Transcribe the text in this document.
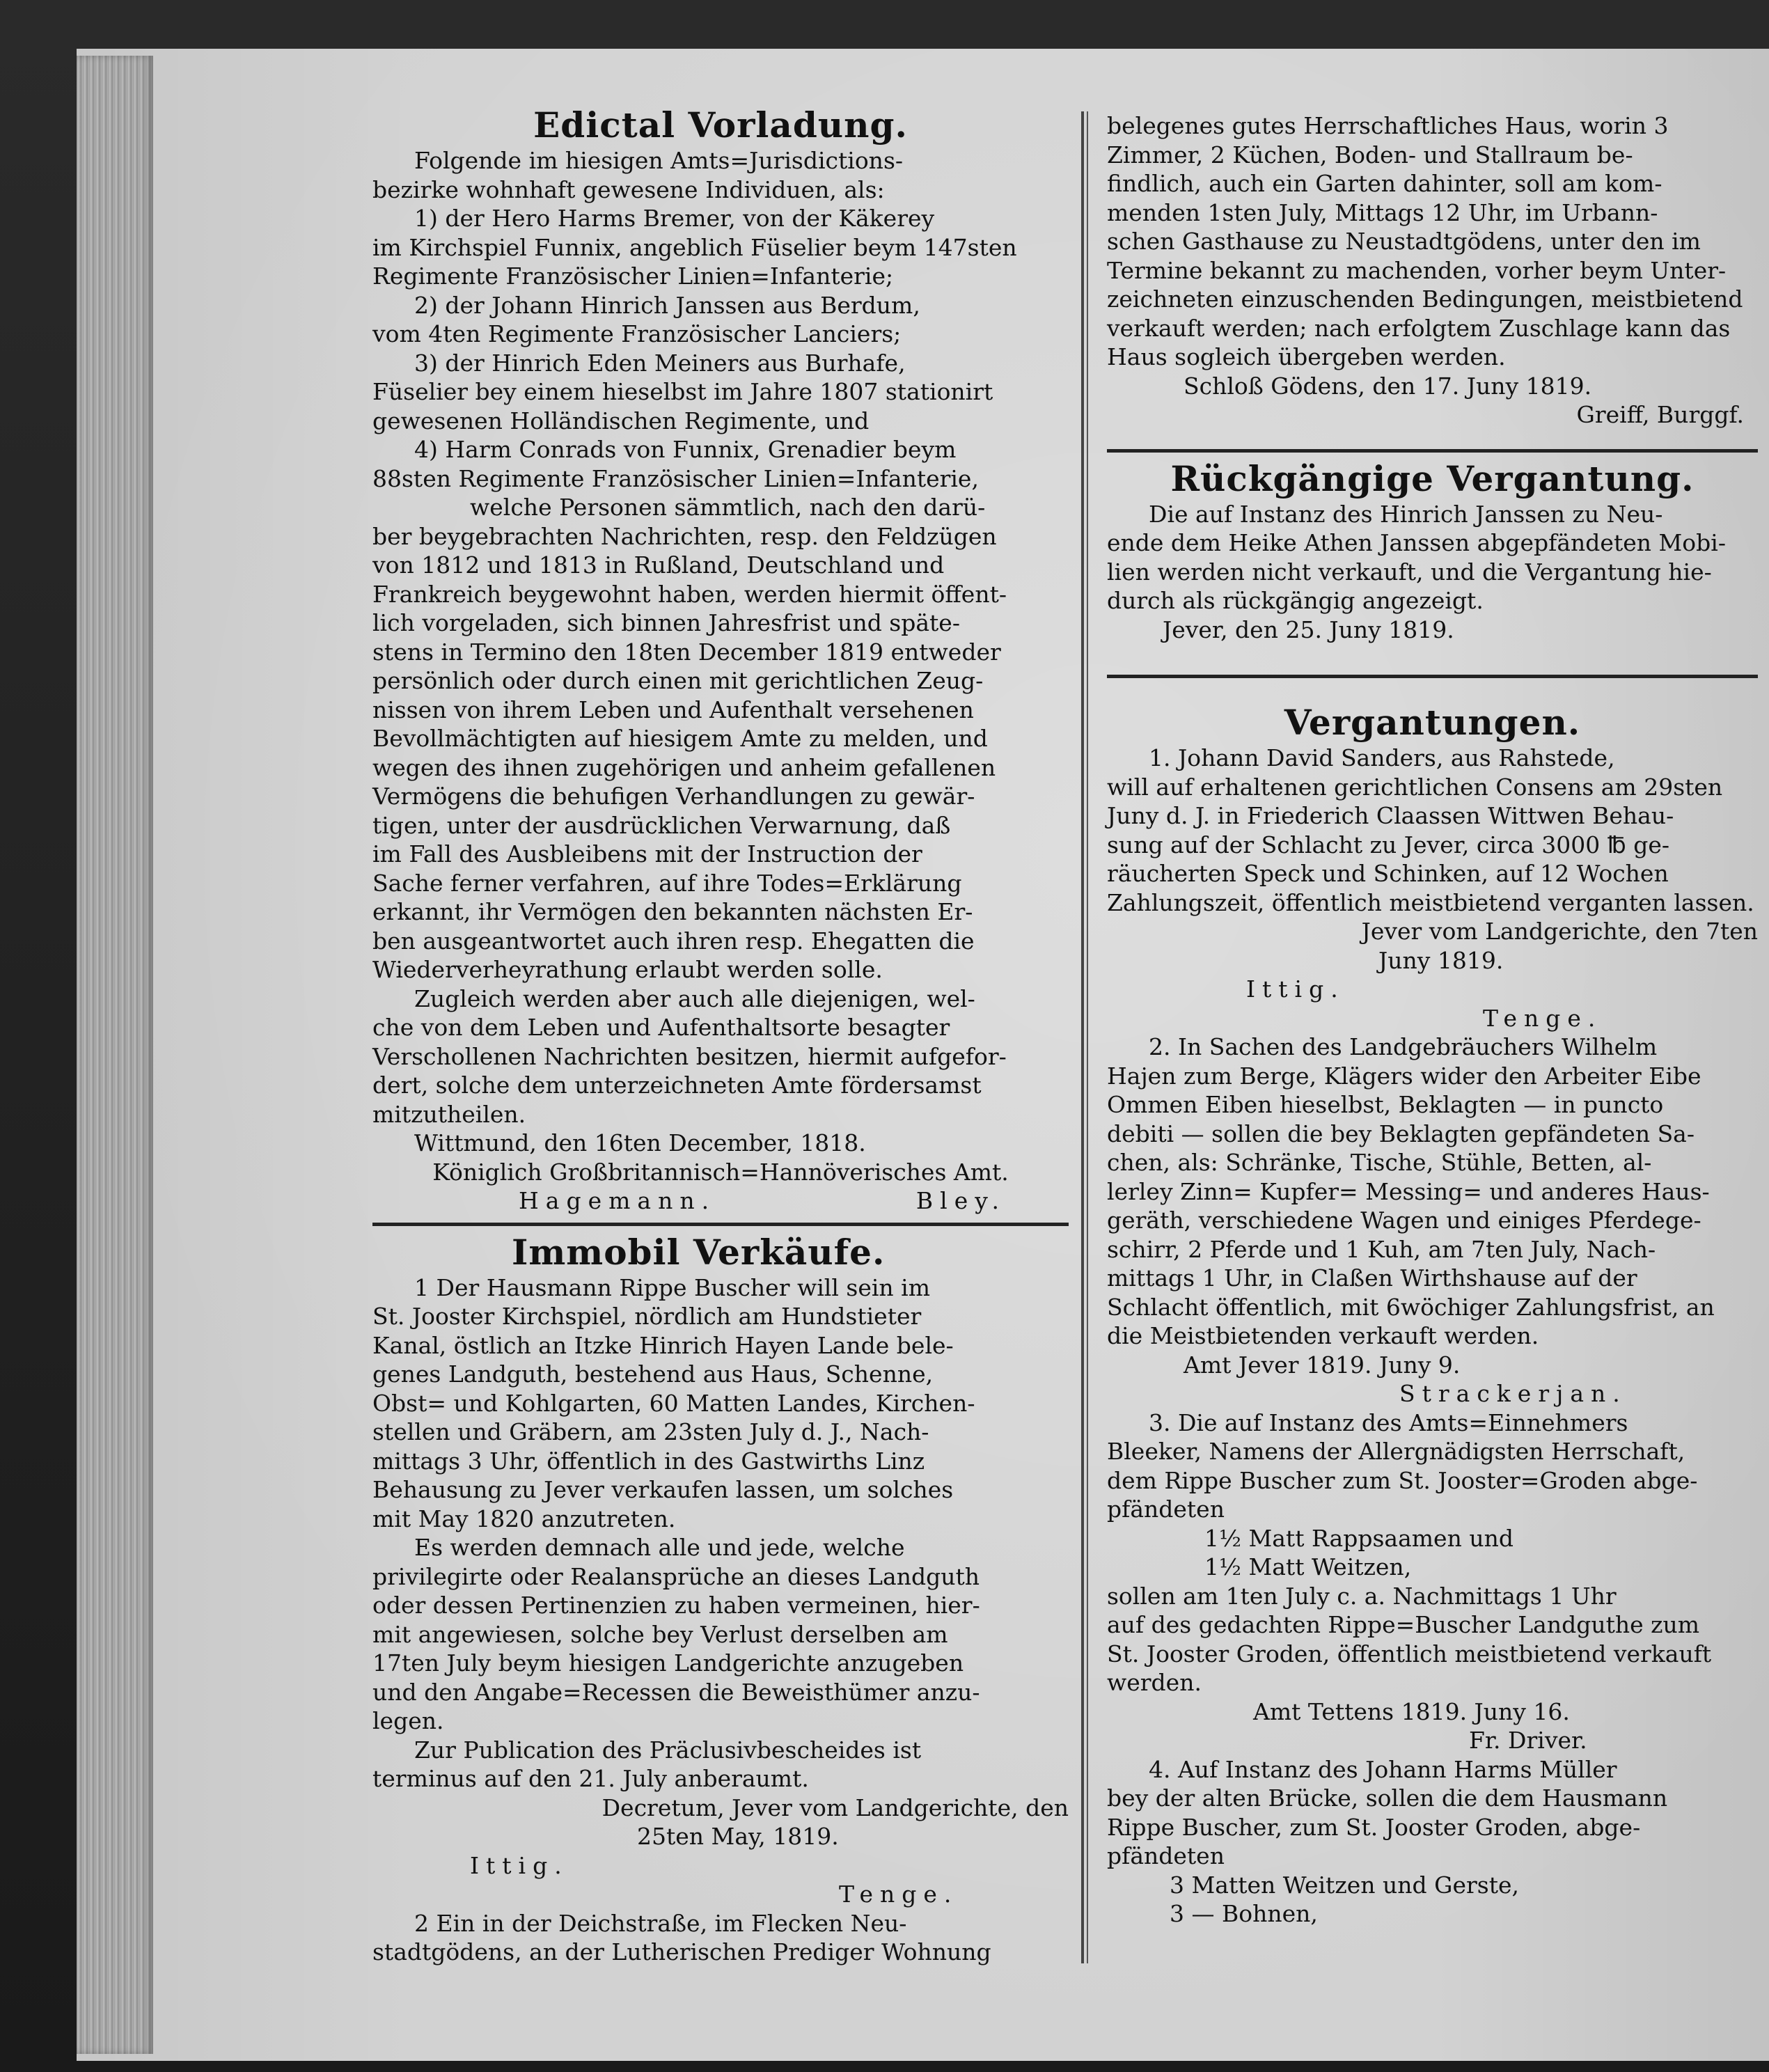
Edictal Vorladung.

Folgende im hiesigen Amts=Jurisdictions-

bezirke wohnhaft gewesene Individuen, als:

1) der Hero Harms Bremer, von der Käkerey

im Kirchspiel Funnix, angeblich Füselier beym 147sten

Regimente Französischer Linien=Infanterie;

2) der Johann Hinrich Janssen aus Berdum,

vom 4ten Regimente Französischer Lanciers;

3) der Hinrich Eden Meiners aus Burhafe,

Füselier bey einem hieselbst im Jahre 1807 stationirt

gewesenen Holländischen Regimente, und

4) Harm Conrads von Funnix, Grenadier beym

88sten Regimente Französischer Linien=Infanterie,

welche Personen sämmtlich, nach den darü-

ber beygebrachten Nachrichten, resp. den Feldzügen

von 1812 und 1813 in Rußland, Deutschland und

Frankreich beygewohnt haben, werden hiermit öffent-

lich vorgeladen, sich binnen Jahresfrist und späte-

stens in Termino den 18ten December 1819 entweder

persönlich oder durch einen mit gerichtlichen Zeug-

nissen von ihrem Leben und Aufenthalt versehenen

Bevollmächtigten auf hiesigem Amte zu melden, und

wegen des ihnen zugehörigen und anheim gefallenen

Vermögens die behufigen Verhandlungen zu gewär-

tigen, unter der ausdrücklichen Verwarnung, daß

im Fall des Ausbleibens mit der Instruction der

Sache ferner verfahren, auf ihre Todes=Erklärung

erkannt, ihr Vermögen den bekannten nächsten Er-

ben ausgeantwortet auch ihren resp. Ehegatten die

Wiederverheyrathung erlaubt werden solle.

Zugleich werden aber auch alle diejenigen, wel-

che von dem Leben und Aufenthaltsorte besagter

Verschollenen Nachrichten besitzen, hiermit aufgefor-

dert, solche dem unterzeichneten Amte fördersamst

mitzutheilen.

Wittmund, den 16ten December, 1818.

Königlich Großbritannisch=Hannöverisches Amt.

Hagemann.	Bley.
Immobil Verkäufe.

1 Der Hausmann Rippe Buscher will sein im

St. Jooster Kirchspiel, nördlich am Hundstieter

Kanal, östlich an Itzke Hinrich Hayen Lande bele-

genes Landguth, bestehend aus Haus, Schenne,

Obst= und Kohlgarten, 60 Matten Landes, Kirchen-

stellen und Gräbern, am 23sten July d. J., Nach-

mittags 3 Uhr, öffentlich in des Gastwirths Linz

Behausung zu Jever verkaufen lassen, um solches

mit May 1820 anzutreten.

Es werden demnach alle und jede, welche

privilegirte oder Realansprüche an dieses Landguth

oder dessen Pertinenzien zu haben vermeinen, hier-

mit angewiesen, solche bey Verlust derselben am

17ten July beym hiesigen Landgerichte anzugeben

und den Angabe=Recessen die Beweisthümer anzu-

legen.

Zur Publication des Präclusivbescheides ist

terminus auf den 21. July anberaumt.

Decretum, Jever vom Landgerichte, den

25ten May, 1819.

Ittig.

Tenge.

2 Ein in der Deichstraße, im Flecken Neu-

stadtgödens, an der Lutherischen Prediger Wohnung

belegenes gutes Herrschaftliches Haus, worin 3

Zimmer, 2 Küchen, Boden- und Stallraum be-

findlich, auch ein Garten dahinter, soll am kom-

menden 1sten July, Mittags 12 Uhr, im Urbann-

schen Gasthause zu Neustadtgödens, unter den im

Termine bekannt zu machenden, vorher beym Unter-

zeichneten einzuschenden Bedingungen, meistbietend

verkauft werden; nach erfolgtem Zuschlage kann das

Haus sogleich übergeben werden.

Schloß Gödens, den 17. Juny 1819.

Greiff, Burggf.

Rückgängige Vergantung.

Die auf Instanz des Hinrich Janssen zu Neu-

ende dem Heike Athen Janssen abgepfändeten Mobi-

lien werden nicht verkauft, und die Vergantung hie-

durch als rückgängig angezeigt.

Jever, den 25. Juny 1819.

Vergantungen.

1. Johann David Sanders, aus Rahstede,

will auf erhaltenen gerichtlichen Consens am 29sten

Juny d. J. in Friederich Claassen Wittwen Behau-

sung auf der Schlacht zu Jever, circa 3000 ℔ ge-

räucherten Speck und Schinken, auf 12 Wochen

Zahlungszeit, öffentlich meistbietend verganten lassen.

Jever vom Landgerichte, den 7ten

Juny 1819.

Ittig.

Tenge.

2. In Sachen des Landgebräuchers Wilhelm

Hajen zum Berge, Klägers wider den Arbeiter Eibe

Ommen Eiben hieselbst, Beklagten — in puncto

debiti — sollen die bey Beklagten gepfändeten Sa-

chen, als: Schränke, Tische, Stühle, Betten, al-

lerley Zinn= Kupfer= Messing= und anderes Haus-

geräth, verschiedene Wagen und einiges Pferdege-

schirr, 2 Pferde und 1 Kuh, am 7ten July, Nach-

mittags 1 Uhr, in Claßen Wirthshause auf der

Schlacht öffentlich, mit 6wöchiger Zahlungsfrist, an

die Meistbietenden verkauft werden.

Amt Jever 1819. Juny 9.

Strackerjan.

3. Die auf Instanz des Amts=Einnehmers

Bleeker, Namens der Allergnädigsten Herrschaft,

dem Rippe Buscher zum St. Jooster=Groden abge-

pfändeten

1½ Matt Rappsaamen und

1½ Matt Weitzen,

sollen am 1ten July c. a. Nachmittags 1 Uhr

auf des gedachten Rippe=Buscher Landguthe zum

St. Jooster Groden, öffentlich meistbietend verkauft

werden.

Amt Tettens 1819. Juny 16.

Fr. Driver.

4. Auf Instanz des Johann Harms Müller

bey der alten Brücke, sollen die dem Hausmann

Rippe Buscher, zum St. Jooster Groden, abge-

pfändeten

3 Matten Weitzen und Gerste,

3 — Bohnen,
